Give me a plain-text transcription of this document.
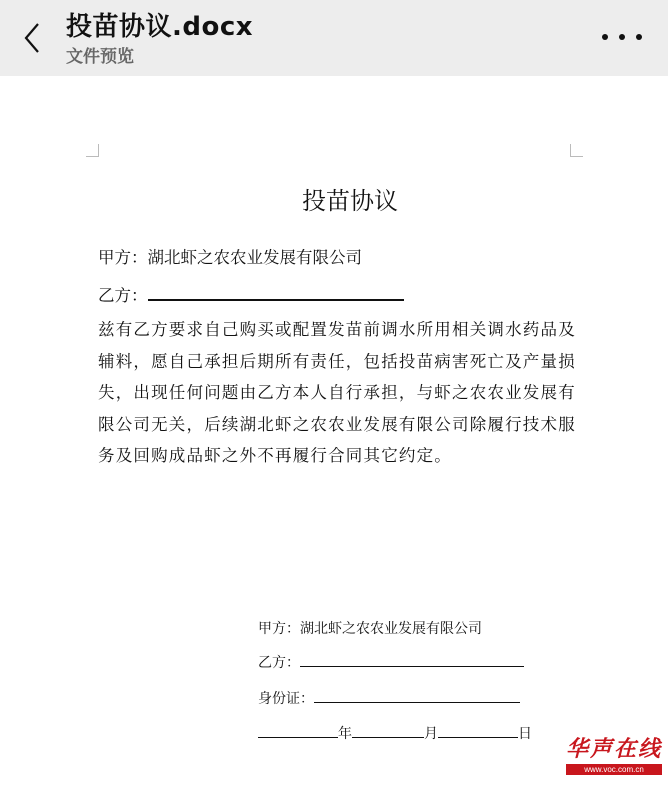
投苗协议.docx
文件预览
投苗协议
甲方：湖北虾之农农业发展有限公司
乙方：
兹有乙方要求自己购买或配置发苗前调水所用相关调水药品及辅料，愿自己承担后期所有责任，包括投苗病害死亡及产量损失，出现任何问题由乙方本人自行承担，与虾之农农业发展有限公司无关，后续湖北虾之农农业发展有限公司除履行技术服务及回购成品虾之外不再履行合同其它约定。
甲方：湖北虾之农农业发展有限公司
乙方：
身份证：
年	月	日
华声在线
www.voc.com.cn
